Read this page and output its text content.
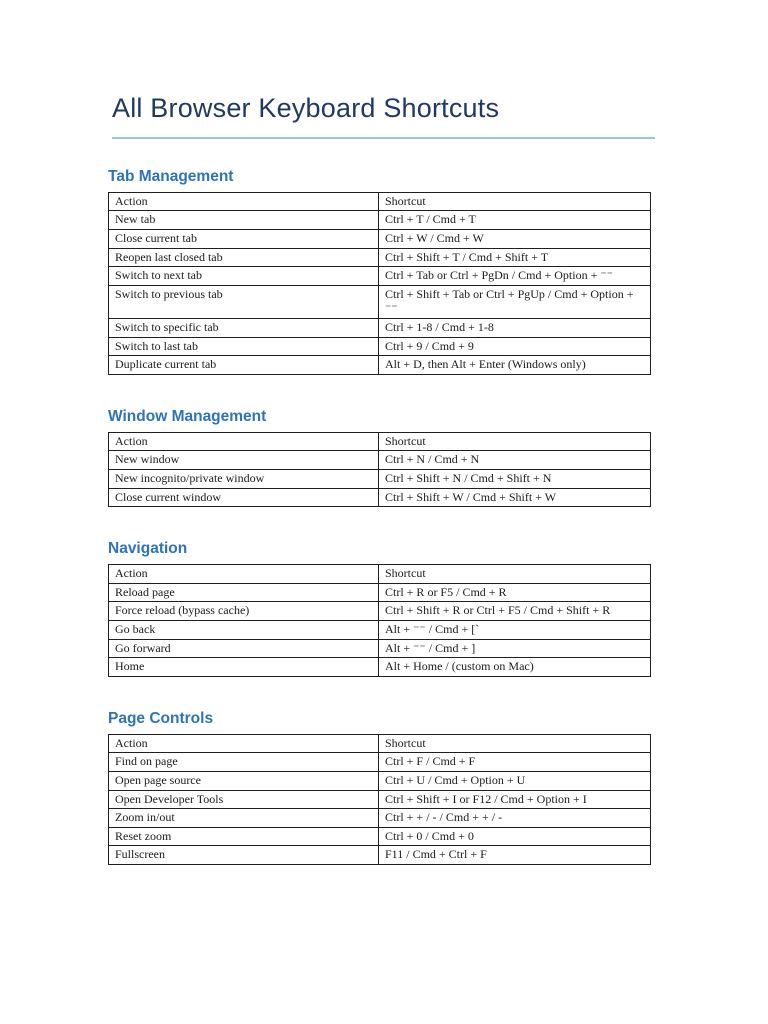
All Browser Keyboard Shortcuts
Tab Management
Action	Shortcut
New tab	Ctrl + T / Cmd + T
Close current tab	Ctrl + W / Cmd + W
Reopen last closed tab	Ctrl + Shift + T / Cmd + Shift + T
Switch to next tab	Ctrl + Tab or Ctrl + PgDn / Cmd + Option + ⁻⁻
Switch to previous tab	Ctrl + Shift + Tab or Ctrl + PgUp / Cmd + Option + ⁻⁻
Switch to specific tab	Ctrl + 1-8 / Cmd + 1-8
Switch to last tab	Ctrl + 9 / Cmd + 9
Duplicate current tab	Alt + D, then Alt + Enter (Windows only)
Window Management
Action	Shortcut
New window	Ctrl + N / Cmd + N
New incognito/private window	Ctrl + Shift + N / Cmd + Shift + N
Close current window	Ctrl + Shift + W / Cmd + Shift + W
Navigation
Action	Shortcut
Reload page	Ctrl + R or F5 / Cmd + R
Force reload (bypass cache)	Ctrl + Shift + R or Ctrl + F5 / Cmd + Shift + R
Go back	Alt + ⁻⁻ / Cmd + [`
Go forward	Alt + ⁻⁻ / Cmd + ]
Home	Alt + Home / (custom on Mac)
Page Controls
Action	Shortcut
Find on page	Ctrl + F / Cmd + F
Open page source	Ctrl + U / Cmd + Option + U
Open Developer Tools	Ctrl + Shift + I or F12 / Cmd + Option + I
Zoom in/out	Ctrl + + / - / Cmd + + / -
Reset zoom	Ctrl + 0 / Cmd + 0
Fullscreen	F11 / Cmd + Ctrl + F
